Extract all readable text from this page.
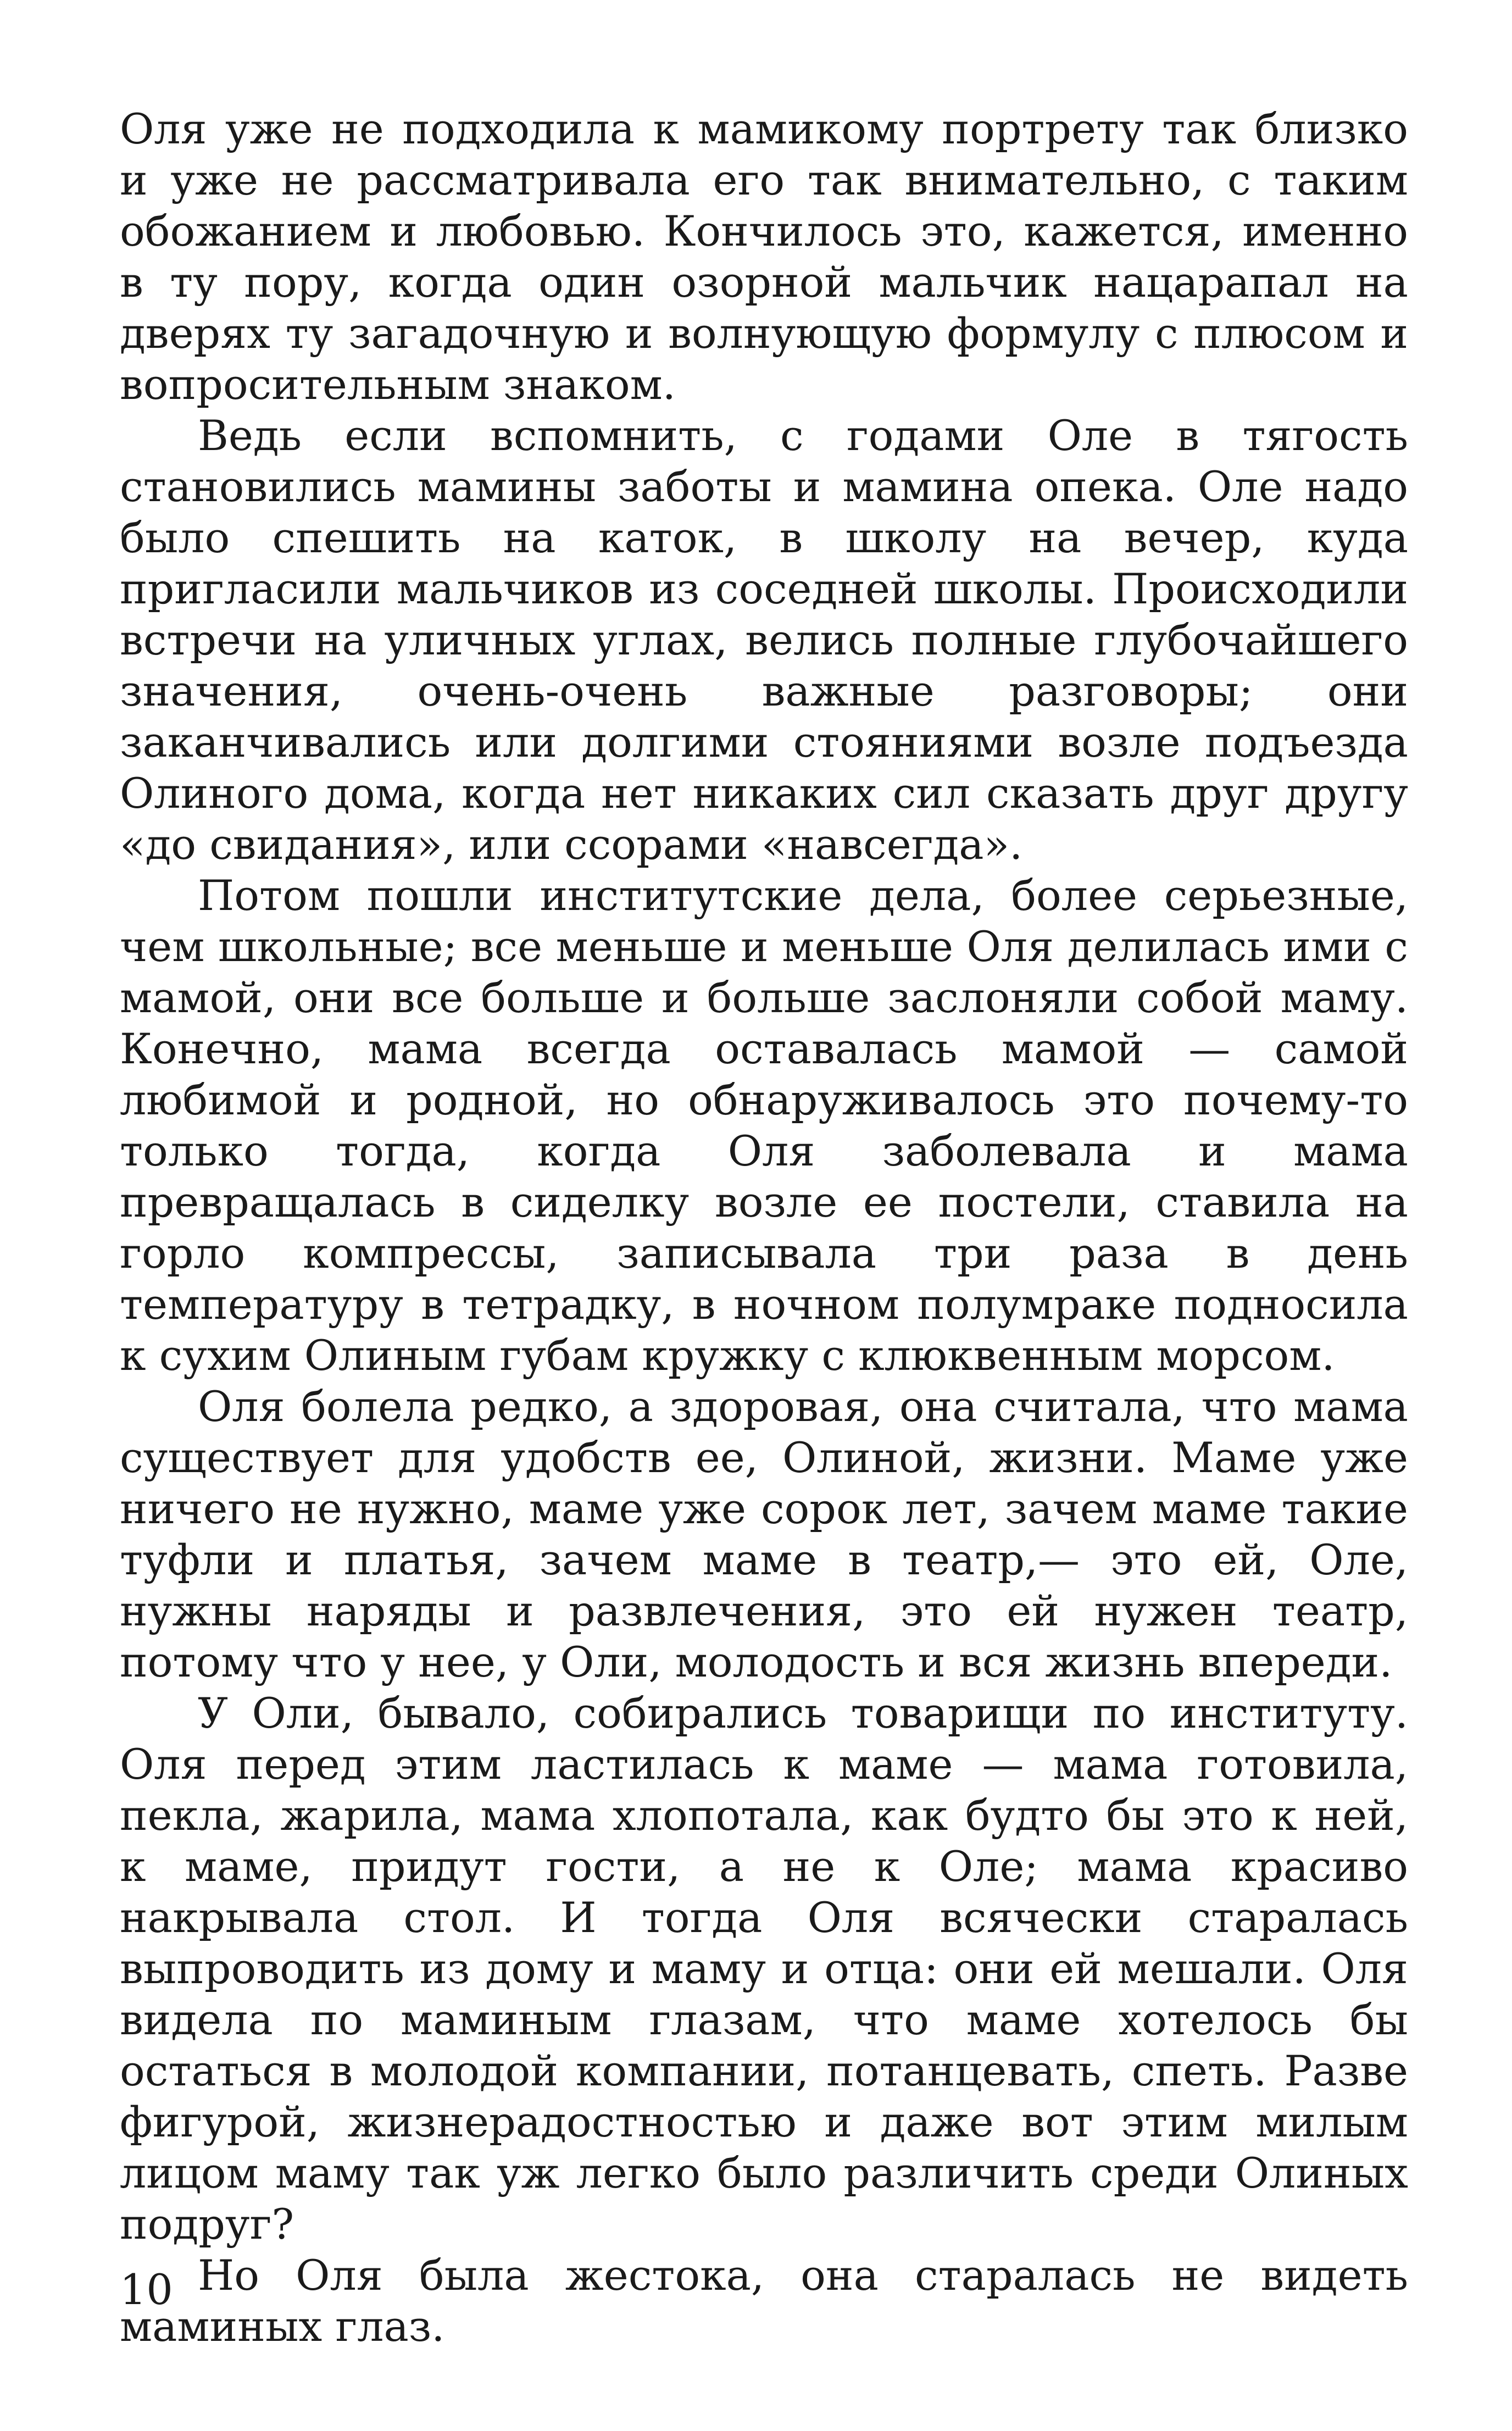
Оля уже не подходила к мамикому портрету так близко и уже не рассматривала его так внимательно, с таким обожанием и любовью. Кончилось это, кажется, именно в ту пору, когда один озорной мальчик нацарапал на дверях ту загадочную и волнующую формулу с плюсом и вопросительным знаком.

Ведь если вспомнить, с годами Оле в тягость становились мамины заботы и мамина опека. Оле надо было спешить на каток, в школу на вечер, куда пригласили мальчиков из соседней школы. Происходили встречи на уличных углах, велись полные глубочайшего значения, очень-очень важные разговоры; они заканчивались или долгими стояниями возле подъезда Олиного дома, когда нет никаких сил сказать друг другу «до свидания», или ссорами «навсегда».

Потом пошли институтские дела, более серьезные, чем школьные; все меньше и меньше Оля делилась ими с мамой, они все больше и больше заслоняли собой маму. Конечно, мама всегда оставалась мамой — самой любимой и родной, но обнаруживалось это почему-то только тогда, когда Оля заболевала и мама превращалась в сиделку возле ее постели, ставила на горло компрессы, записывала три раза в день температуру в тетрадку, в ночном полумраке подносила к сухим Олиным губам кружку с клюквенным морсом.

Оля болела редко, а здоровая, она считала, что мама существует для удобств ее, Олиной, жизни. Маме уже ничего не нужно, маме уже сорок лет, зачем маме такие туфли и платья, зачем маме в театр,— это ей, Оле, нужны наряды и развлечения, это ей нужен театр, потому что у нее, у Оли, молодость и вся жизнь впереди.

У Оли, бывало, собирались товарищи по институту. Оля перед этим ластилась к маме — мама готовила, пекла, жарила, мама хлопотала, как будто бы это к ней, к маме, придут гости, а не к Оле; мама красиво накрывала стол. И тогда Оля всячески старалась выпроводить из дому и маму и отца: они ей мешали. Оля видела по маминым глазам, что маме хотелось бы остаться в молодой компании, потанцевать, спеть. Разве фигурой, жизнерадостностью и даже вот этим милым лицом маму так уж легко было различить среди Олиных подруг?

Но Оля была жестока, она старалась не видеть маминых глаз.

10
